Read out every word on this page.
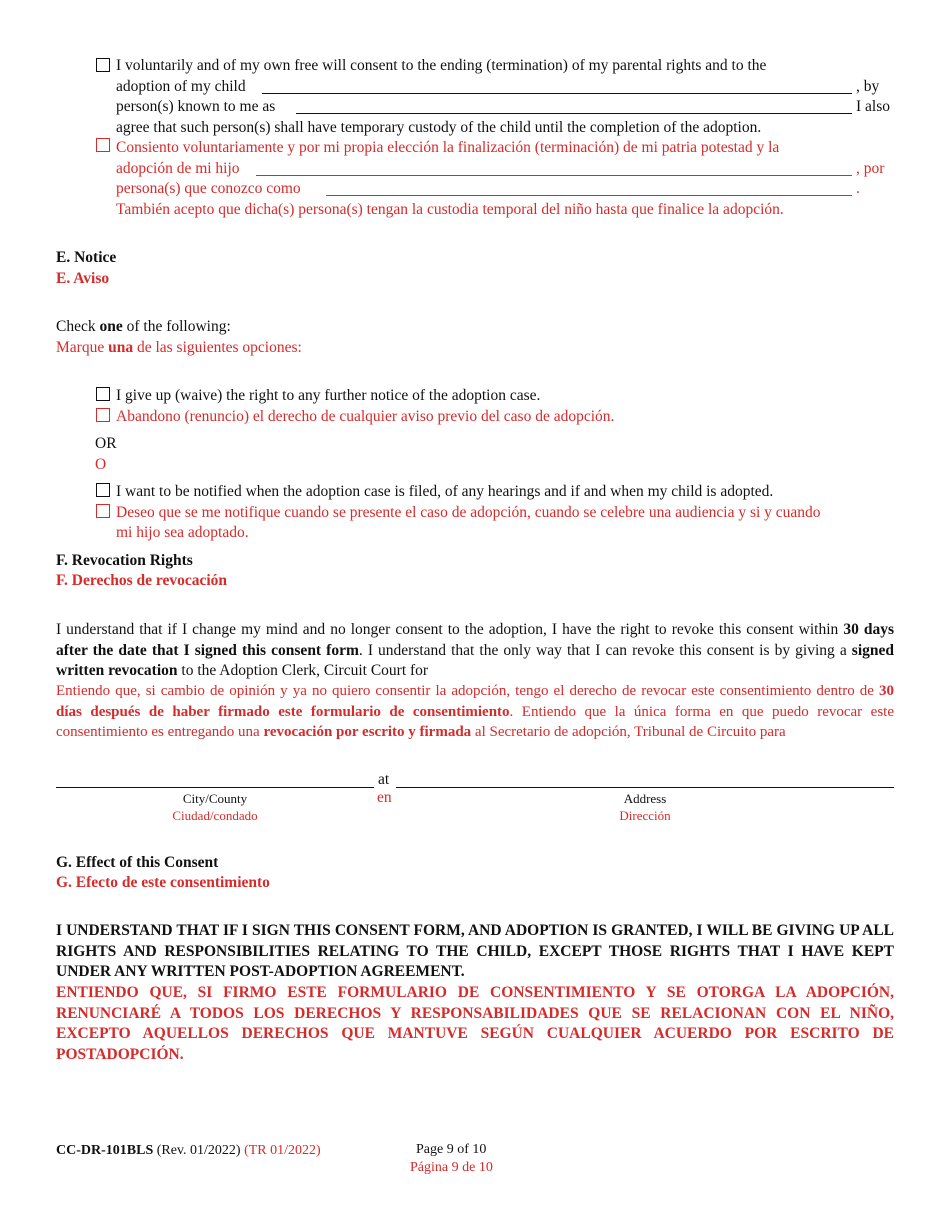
I voluntarily and of my own free will consent to the ending (termination) of my parental rights and to the
adoption of my child	, by
person(s) known to me as	I also
agree that such person(s) shall have temporary custody of the child until the completion of the adoption.
Consiento voluntariamente y por mi propia elección la finalización (terminación) de mi patria potestad y la
adopción de mi hijo	, por
persona(s) que conozco como	.
También acepto que dicha(s) persona(s) tengan la custodia temporal del niño hasta que finalice la adopción.
E. Notice
E. Aviso
Check one of the following:
Marque una de las siguientes opciones:
I give up (waive) the right to any further notice of the adoption case.
Abandono (renuncio) el derecho de cualquier aviso previo del caso de adopción.
OR
O
I want to be notified when the adoption case is filed, of any hearings and if and when my child is adopted.
Deseo que se me notifique cuando se presente el caso de adopción, cuando se celebre una audiencia y si y cuando
mi hijo sea adoptado.
F. Revocation Rights
F. Derechos de revocación
I understand that if I change my mind and no longer consent to the adoption, I have the right to revoke this consent within 30 days after the date that I signed this consent form. I understand that the only way that I can revoke this consent is by giving a signed written revocation to the Adoption Clerk, Circuit Court for
Entiendo que, si cambio de opinión y ya no quiero consentir la adopción, tengo el derecho de revocar este consentimiento dentro de 30 días después de haber firmado este formulario de consentimiento. Entiendo que la única forma en que puedo revocar este consentimiento es entregando una revocación por escrito y firmada al Secretario de adopción, Tribunal de Circuito para
at
en
City/County
Ciudad/condado
Address
Dirección
G. Effect of this Consent
G. Efecto de este consentimiento
I UNDERSTAND THAT IF I SIGN THIS CONSENT FORM, AND ADOPTION IS GRANTED, I WILL BE GIVING UP ALL RIGHTS AND RESPONSIBILITIES RELATING TO THE CHILD, EXCEPT THOSE RIGHTS THAT I HAVE KEPT UNDER ANY WRITTEN POST-ADOPTION AGREEMENT.
ENTIENDO QUE, SI FIRMO ESTE FORMULARIO DE CONSENTIMIENTO Y SE OTORGA LA ADOPCIÓN, RENUNCIARÉ A TODOS LOS DERECHOS Y RESPONSABILIDADES QUE SE RELACIONAN CON EL NIÑO, EXCEPTO AQUELLOS DERECHOS QUE MANTUVE SEGÚN CUALQUIER ACUERDO POR ESCRITO DE POSTADOPCIÓN.
CC-DR-101BLS (Rev. 01/2022) (TR 01/2022)	Page 9 of 10
Página 9 de 10
